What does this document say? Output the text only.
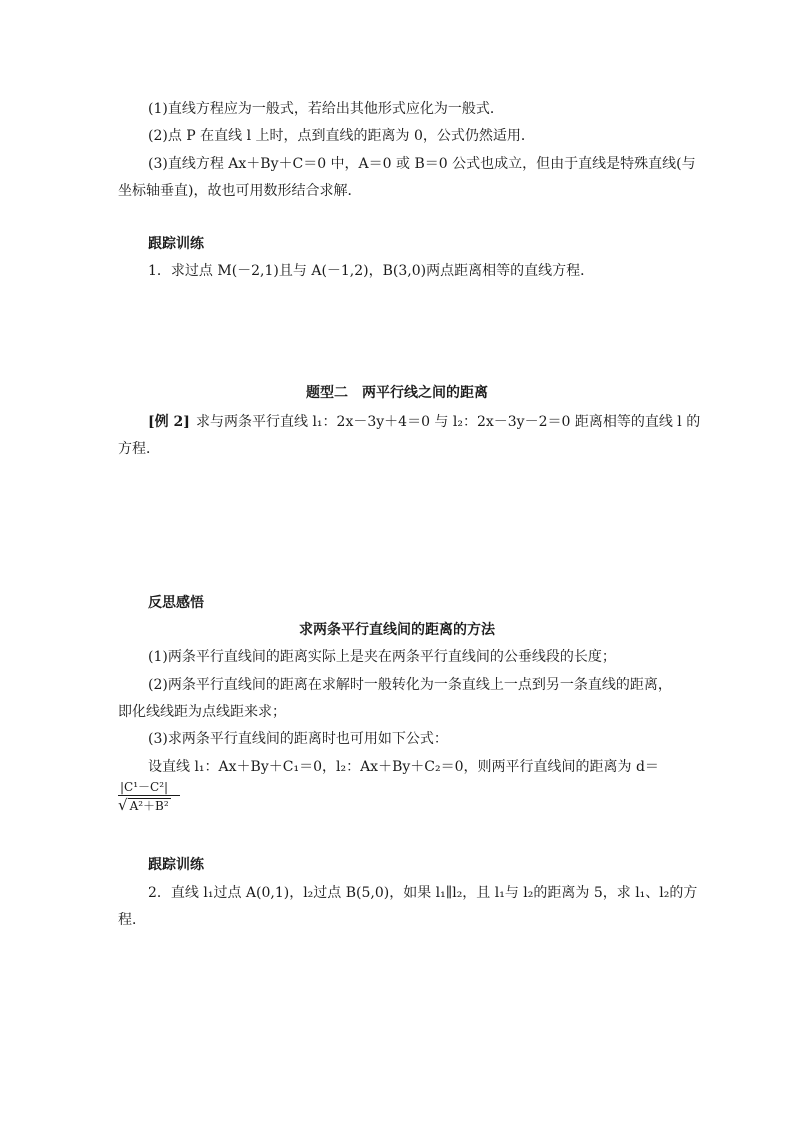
(1)直线方程应为一般式，若给出其他形式应化为一般式．
(2)点 P 在直线 l 上时，点到直线的距离为 0，公式仍然适用．
(3)直线方程 Ax＋By＋C＝0 中，A＝0 或 B＝0 公式也成立，但由于直线是特殊直线(与
坐标轴垂直)，故也可用数形结合求解．
跟踪训练
1．求过点 M(－2,1)且与 A(－1,2)，B(3,0)两点距离相等的直线方程．
题型二　两平行线之间的距离
[例 2] 求与两条平行直线 l₁：2x－3y＋4＝0 与 l₂：2x－3y－2＝0 距离相等的直线 l 的
方程．
反思感悟
求两条平行直线间的距离的方法
(1)两条平行直线间的距离实际上是夹在两条平行直线间的公垂线段的长度；
(2)两条平行直线间的距离在求解时一般转化为一条直线上一点到另一条直线的距离，
即化线线距为点线距来求；
(3)求两条平行直线间的距离时也可用如下公式：
设直线 l₁：Ax＋By＋C₁＝0，l₂：Ax＋By＋C₂＝0，则两平行直线间的距离为 d＝
|C¹－C²|
√ A²＋B²
跟踪训练
2．直线 l₁过点 A(0,1)，l₂过点 B(5,0)，如果 l₁∥l₂，且 l₁与 l₂的距离为 5，求 l₁、l₂的方
程．
